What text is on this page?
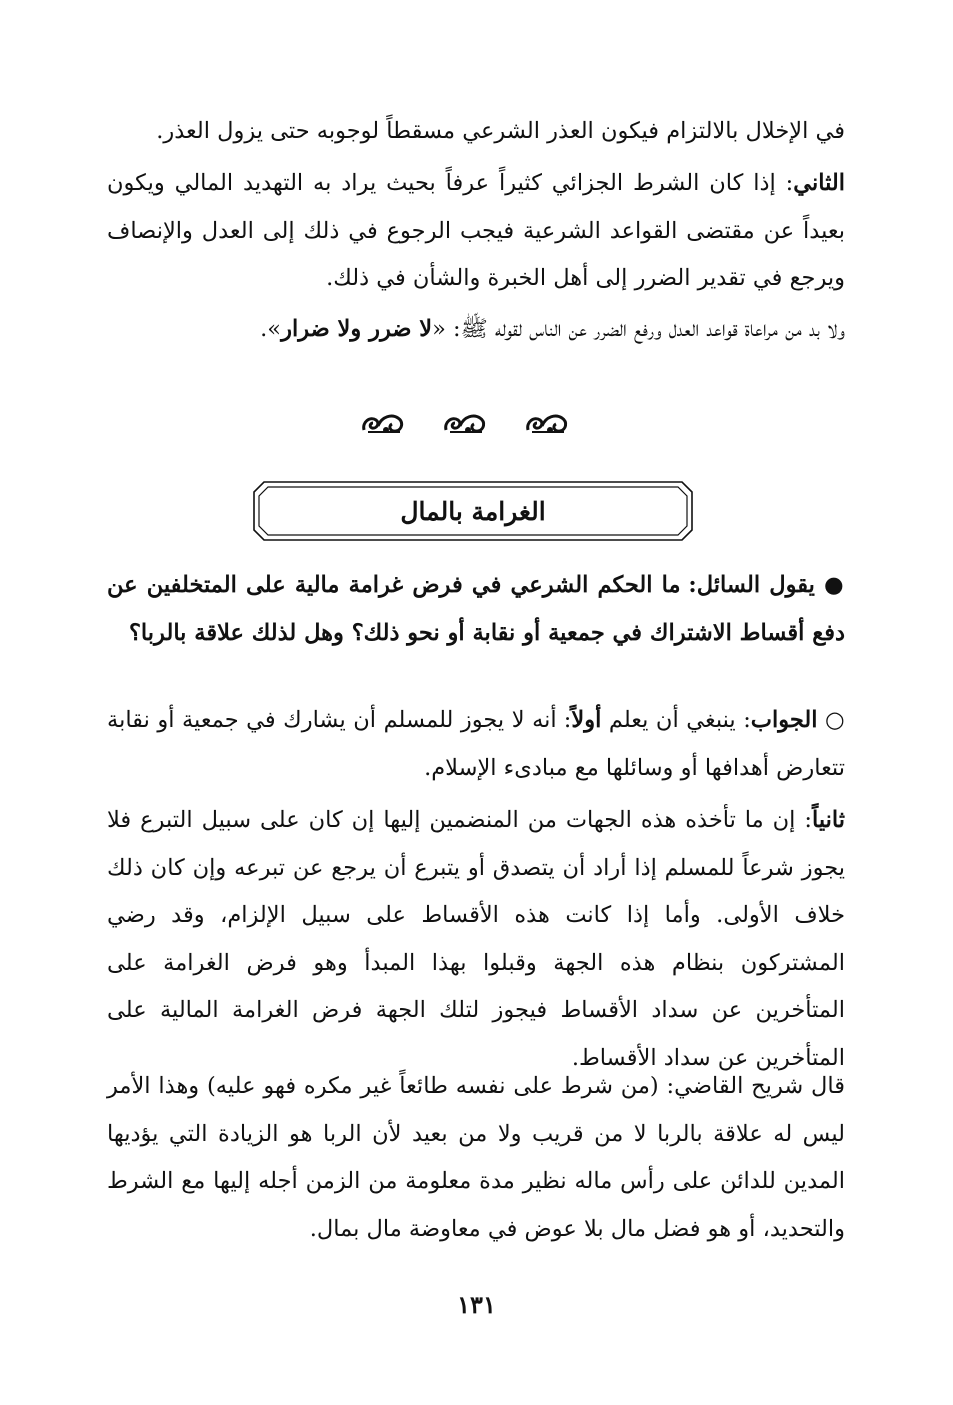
في الإخلال بالالتزام فيكون العذر الشرعي مسقطاً لوجوبه حتى يزول العذر.

الثاني: إذا كان الشرط الجزائي كثيراً عرفاً بحيث يراد به التهديد المالي ويكون بعيداً عن مقتضى القواعد الشرعية فيجب الرجوع في ذلك إلى العدل والإنصاف ويرجع في تقدير الضرر إلى أهل الخبرة والشأن في ذلك.

ولا بد من مراعاة قواعد العدل ورفع الضرر عن الناس لقوله ﷺ: «لا ضرر ولا ضرار».

الغرامة بالمال

● يقول السائل: ما الحكم الشرعي في فرض غرامة مالية على المتخلفين عن دفع أقساط الاشتراك في جمعية أو نقابة أو نحو ذلك؟ وهل لذلك علاقة بالربا؟

○ الجواب: ينبغي أن يعلم أولاً: أنه لا يجوز للمسلم أن يشارك في جمعية أو نقابة تتعارض أهدافها أو وسائلها مع مبادىء الإسلام.

ثانياً: إن ما تأخذه هذه الجهات من المنضمين إليها إن كان على سبيل التبرع فلا يجوز شرعاً للمسلم إذا أراد أن يتصدق أو يتبرع أن يرجع عن تبرعه وإن كان ذلك خلاف الأولى. وأما إذا كانت هذه الأقساط على سبيل الإلزام، وقد رضي المشتركون بنظام هذه الجهة وقبلوا بهذا المبدأ وهو فرض الغرامة على المتأخرين عن سداد الأقساط فيجوز لتلك الجهة فرض الغرامة المالية على المتأخرين عن سداد الأقساط.

قال شريح القاضي: (من شرط على نفسه طائعاً غير مكره فهو عليه) وهذا الأمر ليس له علاقة بالربا لا من قريب ولا من بعيد لأن الربا هو الزيادة التي يؤديها المدين للدائن على رأس ماله نظير مدة معلومة من الزمن أجله إليها مع الشرط والتحديد، أو هو فضل مال بلا عوض في معاوضة مال بمال.

١٣١
